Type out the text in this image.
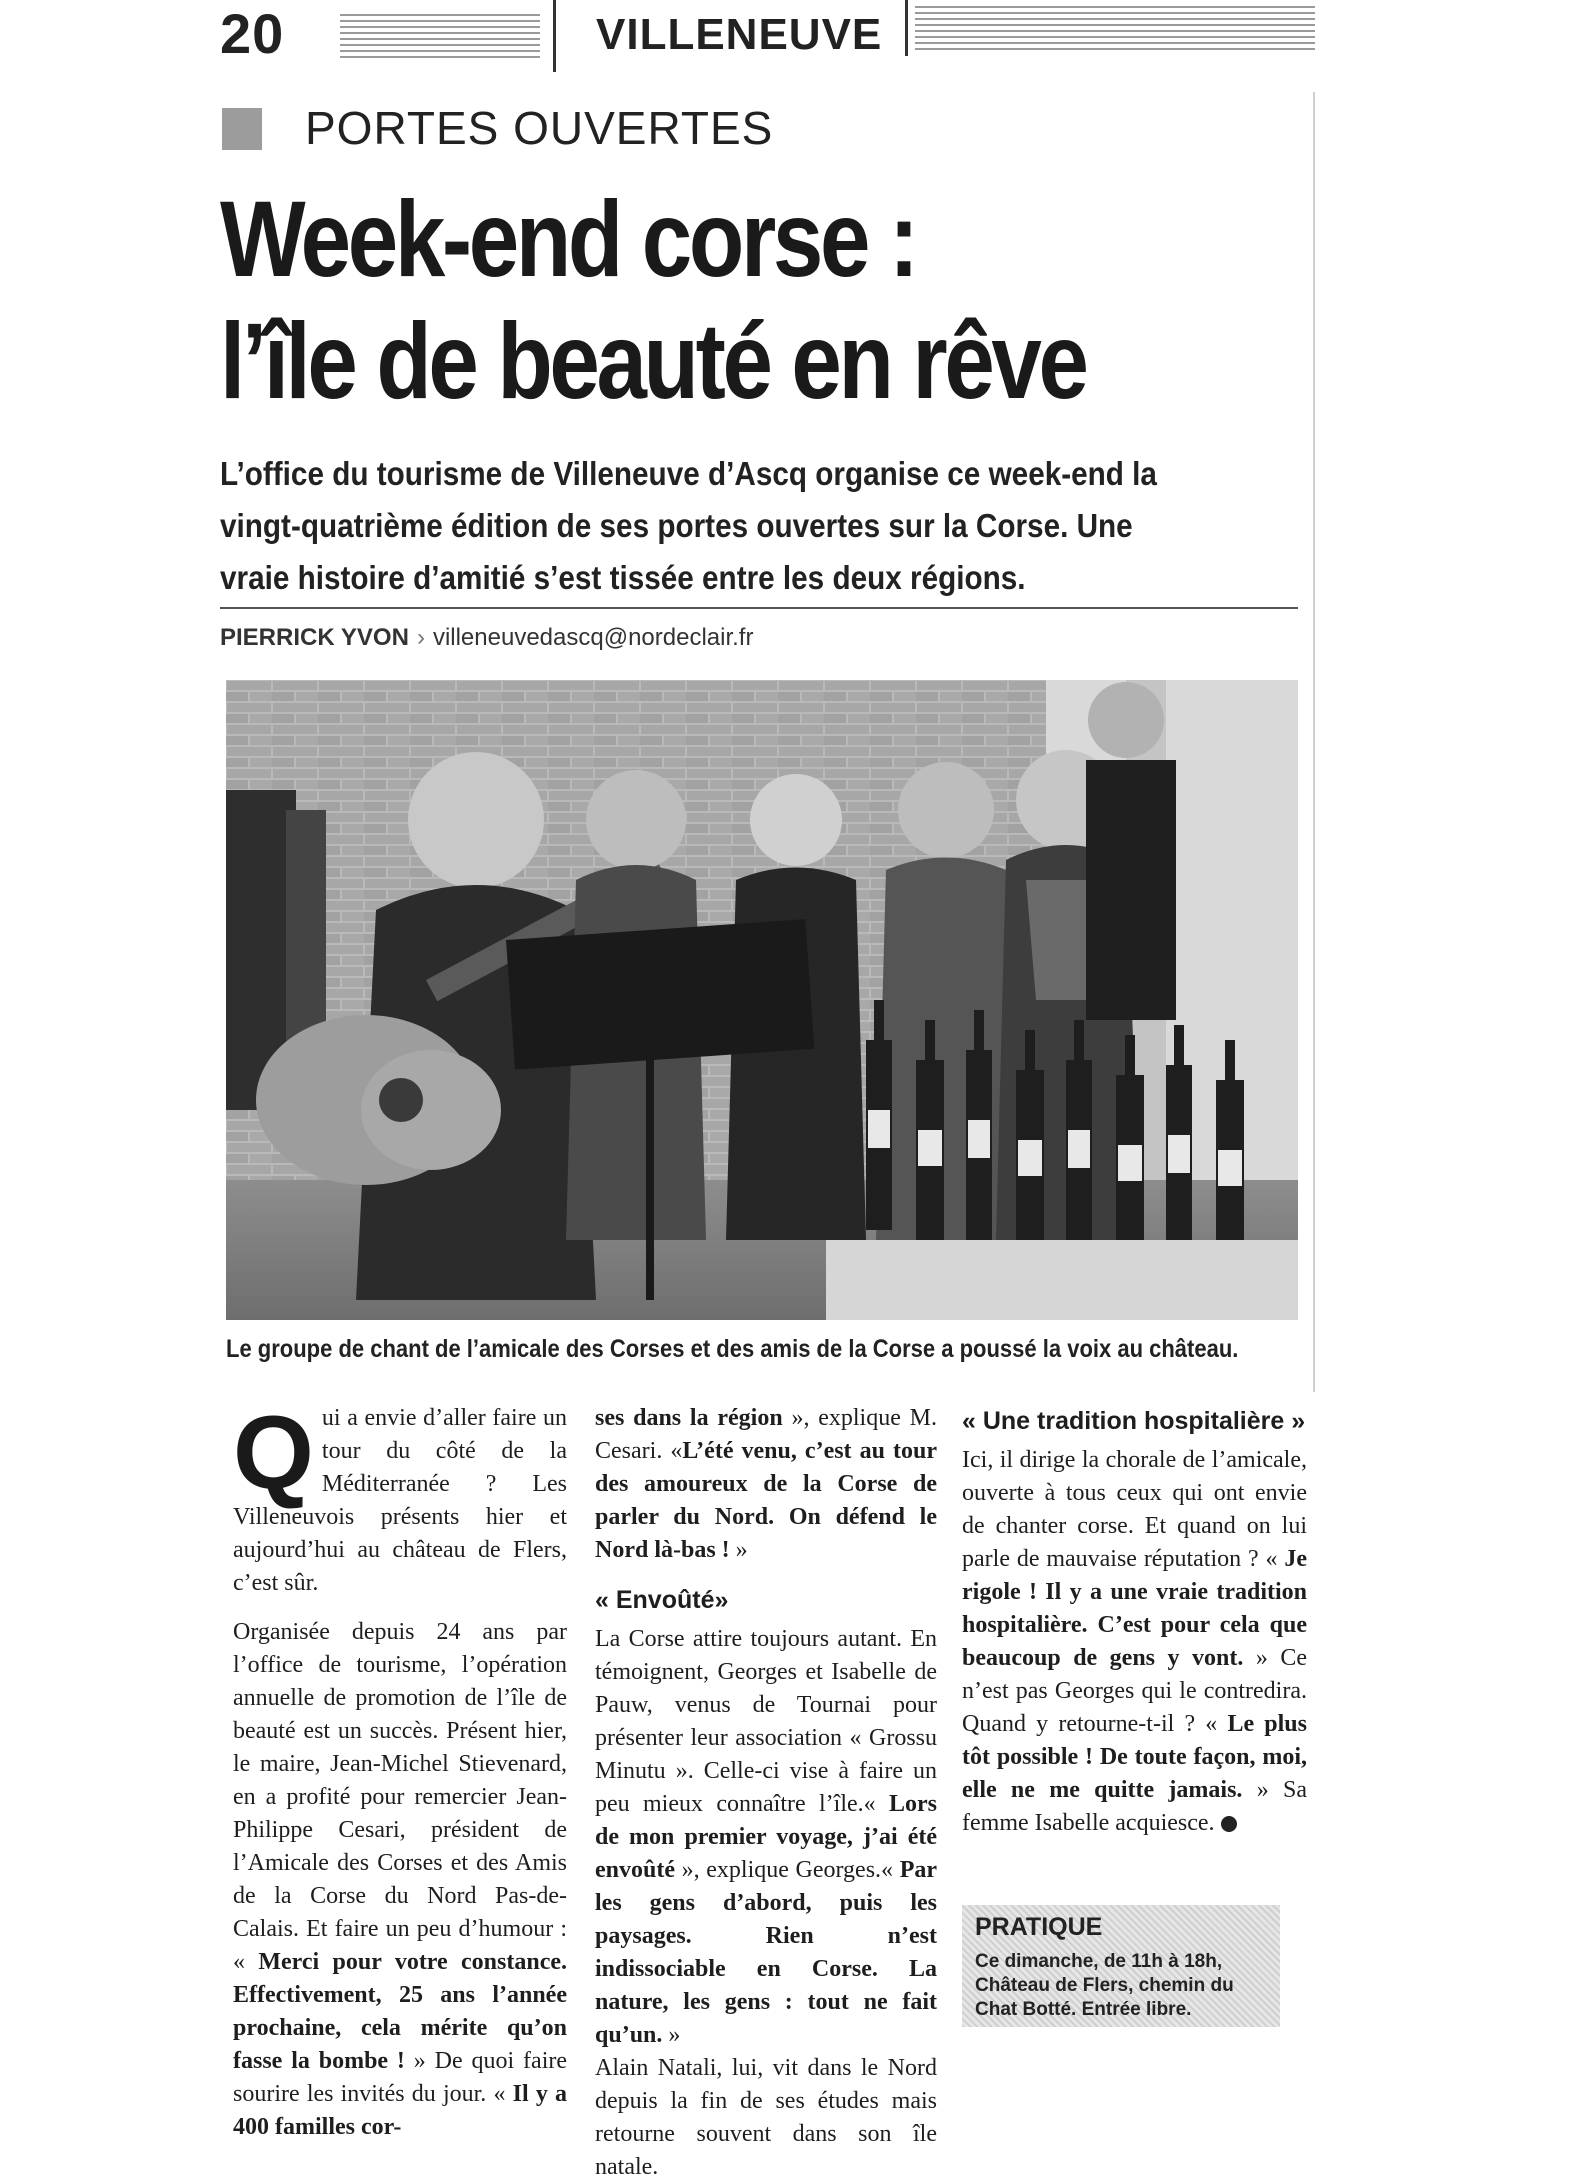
20	VILLENEUVE
PORTES OUVERTES
Week-end corse :
l’île de beauté en rêve
L’office du tourisme de Villeneuve d’Ascq organise ce week-end la vingt-quatrième édition de ses portes ouvertes sur la Corse. Une vraie histoire d’amitié s’est tissée entre les deux régions.
PIERRICK YVON › villeneuvedascq@nordeclair.fr
Le groupe de chant de l’amicale des Corses et des amis de la Corse a poussé la voix au château.

Qui a envie d’aller faire un tour du côté de la Méditerranée ? Les Villeneuvois présents hier et aujourd’hui au château de Flers, c’est sûr.

Organisée depuis 24 ans par l’office de tourisme, l’opération annuelle de promotion de l’île de beauté est un succès. Présent hier, le maire, Jean-Michel Stievenard, en a profité pour remercier Jean-Philippe Cesari, président de l’Amicale des Corses et des Amis de la Corse du Nord Pas-de-Calais. Et faire un peu d’humour : « Merci pour votre constance. Effectivement, 25 ans l’année prochaine, cela mérite qu’on fasse la bombe ! » De quoi faire sourire les invités du jour. « Il y a 400 familles cor-

ses dans la région », explique M. Cesari. «L’été venu, c’est au tour des amoureux de la Corse de parler du Nord. On défend le Nord là-bas ! »

« Envoûté»

La Corse attire toujours autant. En témoignent, Georges et Isabelle de Pauw, venus de Tournai pour présenter leur association « Grossu Minutu ». Celle-ci vise à faire un peu mieux connaître l’île.« Lors de mon premier voyage, j’ai été envoûté », explique Georges.« Par les gens d’abord, puis les paysages. Rien n’est indissociable en Corse. La nature, les gens : tout ne fait qu’un. »

Alain Natali, lui, vit dans le Nord depuis la fin de ses études mais retourne souvent dans son île natale.

« Une tradition hospitalière »

Ici, il dirige la chorale de l’amicale, ouverte à tous ceux qui ont envie de chanter corse. Et quand on lui parle de mauvaise réputation ? « Je rigole ! Il y a une vraie tradition hospitalière. C’est pour cela que beaucoup de gens y vont. » Ce n’est pas Georges qui le contredira. Quand y retourne-t-il ? « Le plus tôt possible ! De toute façon, moi, elle ne me quitte jamais. » Sa femme Isabelle acquiesce.

PRATIQUE
Ce dimanche, de 11h à 18h, Château de Flers, chemin du Chat Botté. Entrée libre.
